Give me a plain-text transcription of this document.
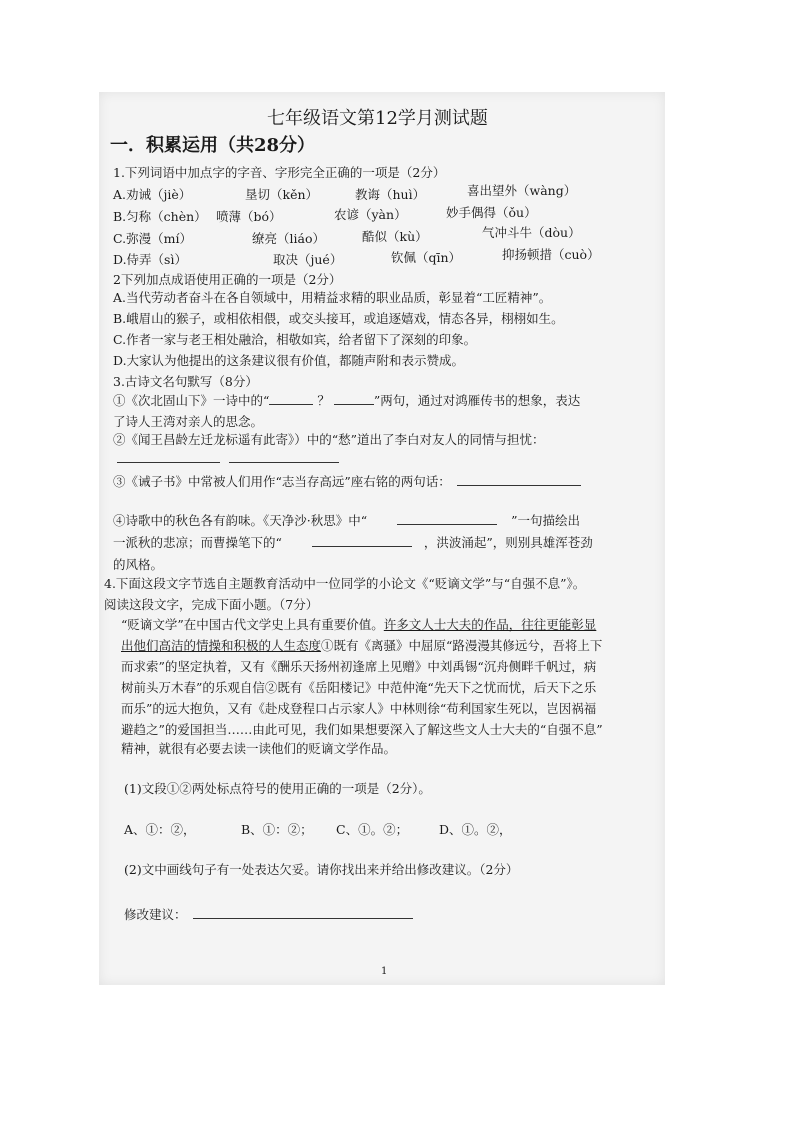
七年级语文第12学月测试题
一．积累运用（共28分）
1.下列词语中加点字的字音、字形完全正确的一项是（2分）
A.劝诫（jiè）	垦切（kěn）	教诲（huì）	喜出望外（wàng）
B.匀称（chèn） 喷薄（bó）	农谚（yàn）	妙手偶得（ǒu）
C.弥漫（mí）	缭亮（liáo）	酷似（kù）	气冲斗牛（dòu）
D.侍弄（sì）	取决（jué）	钦佩（qīn）	抑扬顿措（cuò）
2下列加点成语使用正确的一项是（2分）
A.当代劳动者奋斗在各自领域中，用精益求精的职业品质，彰显着“工匠精神”。
B.峨眉山的猴子，或相依相偎，或交头接耳，或追逐嬉戏，情态各异，栩栩如生。
C.作者一家与老王相处融洽，相敬如宾，给者留下了深刻的印象。
D.大家认为他提出的这条建议很有价值，都随声附和表示赞成。
3.古诗文名句默写（8分）
①《次北固山下》一诗中的“	？	”两句，通过对鸿雁传书的想象，表达
了诗人王湾对亲人的思念。
②《闻王昌龄左迁龙标遥有此寄》）中的“愁”道出了李白对友人的同情与担忧：
③《诫子书》中常被人们用作“志当存高远”座右铭的两句话：
④诗歌中的秋色各有韵味。《天净沙·秋思》中“	”一句描绘出
一派秋的悲凉；而曹操笔下的“	，洪波涌起”，则别具雄浑苍劲
的风格。
4.下面这段文字节选自主题教育活动中一位同学的小论文《“贬谪文学”与“自强不息”》。
阅读这段文字，完成下面小题。（7分）
“贬谪文学”在中国古代文学史上具有重要价值。许多文人士大夫的作品，往往更能彰显
出他们高洁的情操和积极的人生态度①既有《离骚》中屈原“路漫漫其修远兮，吾将上下
而求索”的坚定执着，又有《酬乐天扬州初逢席上见赠》中刘禹锡“沉舟侧畔千帆过，病
树前头万木春”的乐观自信②既有《岳阳楼记》中范仲淹“先天下之忧而忧，后天下之乐
而乐”的远大抱负，又有《赴戍登程口占示家人》中林则徐“苟利国家生死以，岂因祸福
避趋之”的爱国担当……由此可见，我们如果想要深入了解这些文人士大夫的“自强不息”
精神，就很有必要去读一读他们的贬谪文学作品。
(1)文段①②两处标点符号的使用正确的一项是（2分）。
A、①：②，	B、①：②； C、①。②； D、①。②，
(2)文中画线句子有一处表达欠妥。请你找出来并给出修改建议。（2分）
修改建议：
1
